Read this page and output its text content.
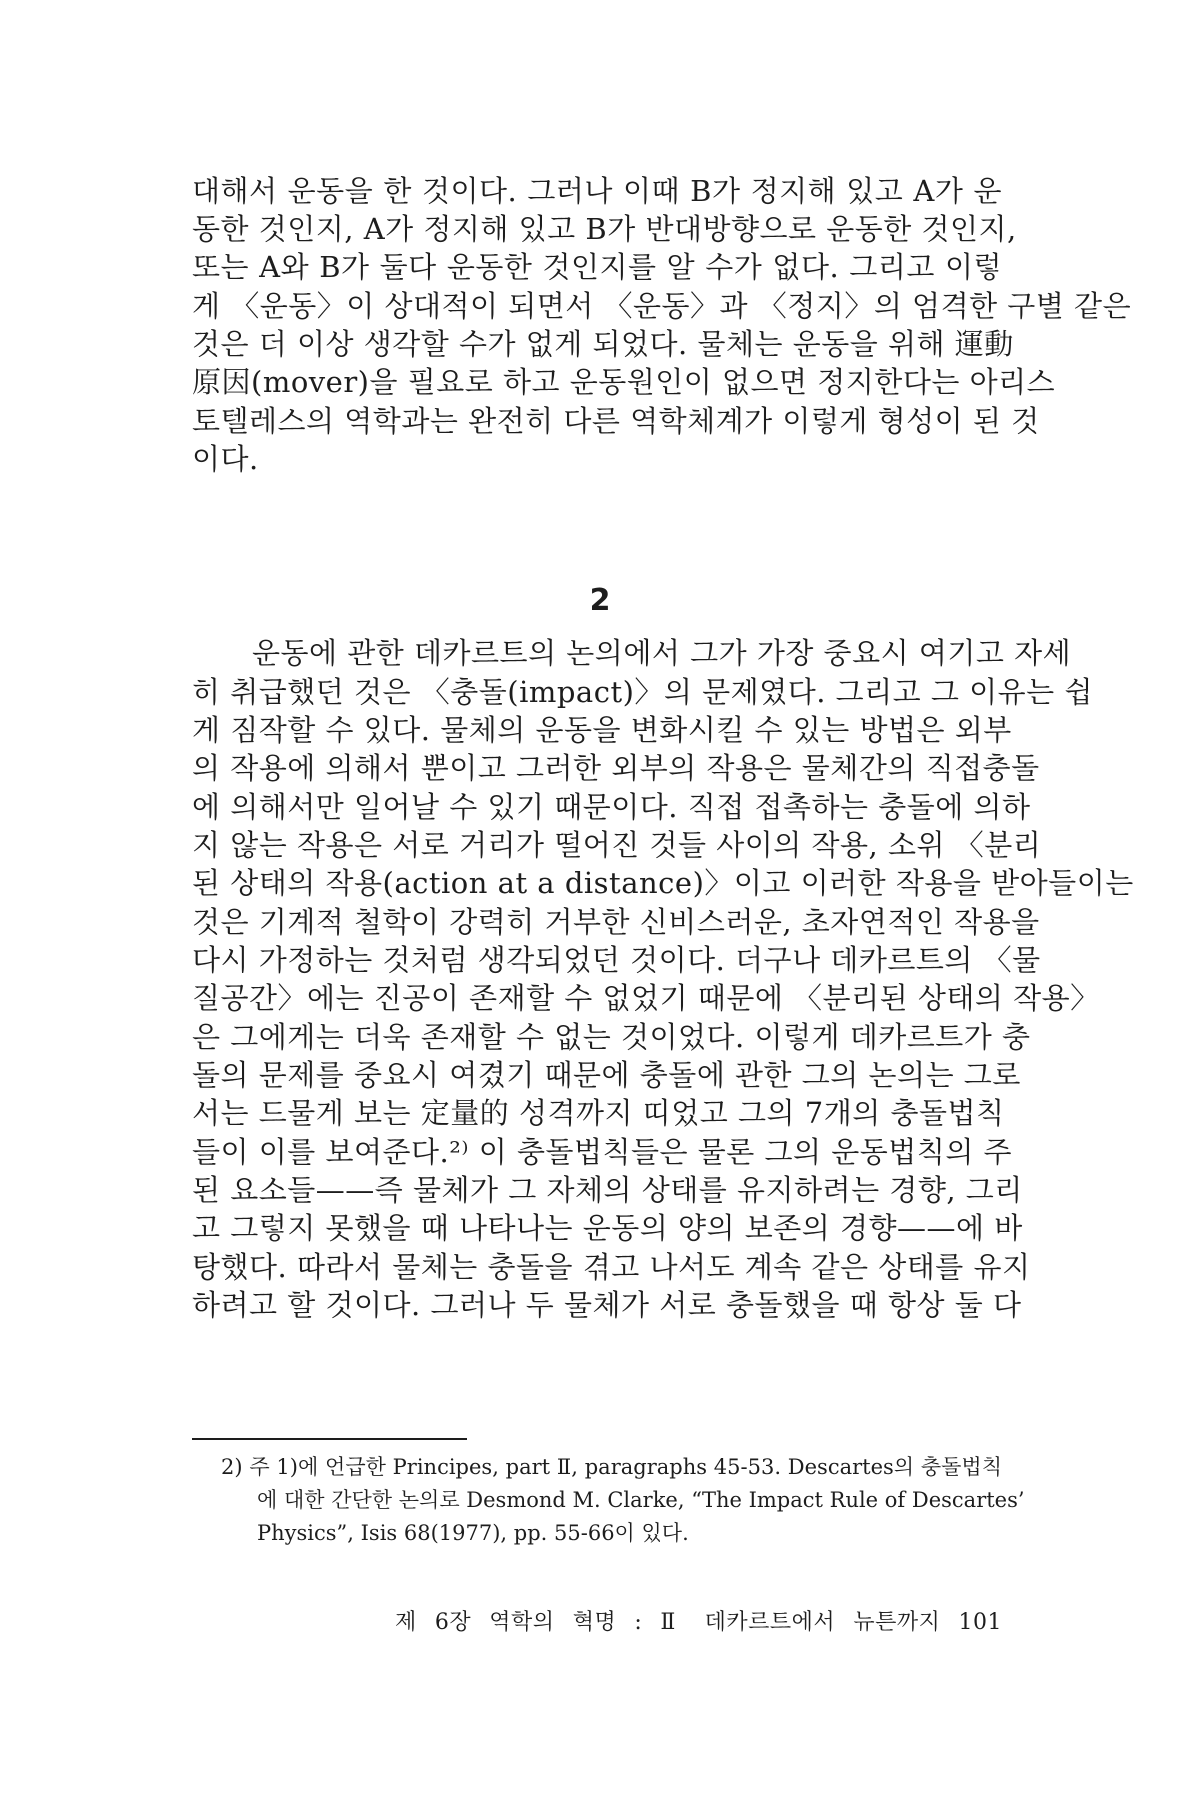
대해서 운동을 한 것이다. 그러나 이때 B가 정지해 있고 A가 운
동한 것인지, A가 정지해 있고 B가 반대방향으로 운동한 것인지,
또는 A와 B가 둘다 운동한 것인지를 알 수가 없다. 그리고 이렇
게 〈운동〉이 상대적이 되면서 〈운동〉과 〈정지〉의 엄격한 구별 같은
것은 더 이상 생각할 수가 없게 되었다. 물체는 운동을 위해 運動
原因(mover)을 필요로 하고 운동원인이 없으면 정지한다는 아리스
토텔레스의 역학과는 완전히 다른 역학체계가 이렇게 형성이 된 것
이다.
2
운동에 관한 데카르트의 논의에서 그가 가장 중요시 여기고 자세
히 취급했던 것은 〈충돌(impact)〉의 문제였다. 그리고 그 이유는 쉽
게 짐작할 수 있다. 물체의 운동을 변화시킬 수 있는 방법은 외부
의 작용에 의해서 뿐이고 그러한 외부의 작용은 물체간의 직접충돌
에 의해서만 일어날 수 있기 때문이다. 직접 접촉하는 충돌에 의하
지 않는 작용은 서로 거리가 떨어진 것들 사이의 작용, 소위 〈분리
된 상태의 작용(action at a distance)〉이고 이러한 작용을 받아들이는
것은 기계적 철학이 강력히 거부한 신비스러운, 초자연적인 작용을
다시 가정하는 것처럼 생각되었던 것이다. 더구나 데카르트의 〈물
질공간〉에는 진공이 존재할 수 없었기 때문에 〈분리된 상태의 작용〉
은 그에게는 더욱 존재할 수 없는 것이었다. 이렇게 데카르트가 충
돌의 문제를 중요시 여겼기 때문에 충돌에 관한 그의 논의는 그로
서는 드물게 보는 定量的 성격까지 띠었고 그의 7개의 충돌법칙
들이 이를 보여준다.²⁾ 이 충돌법칙들은 물론 그의 운동법칙의 주
된 요소들——즉 물체가 그 자체의 상태를 유지하려는 경향, 그리
고 그렇지 못했을 때 나타나는 운동의 양의 보존의 경향——에 바
탕했다. 따라서 물체는 충돌을 겪고 나서도 계속 같은 상태를 유지
하려고 할 것이다. 그러나 두 물체가 서로 충돌했을 때 항상 둘 다
2) 주 1)에 언급한 Principes, part Ⅱ, paragraphs 45-53. Descartes의 충돌법칙
에 대한 간단한 논의로 Desmond M. Clarke, “The Impact Rule of Descartes’
Physics”, Isis 68(1977), pp. 55-66이 있다.
제 6장 역학의 혁명 : Ⅱ 데카르트에서 뉴튼까지 101
